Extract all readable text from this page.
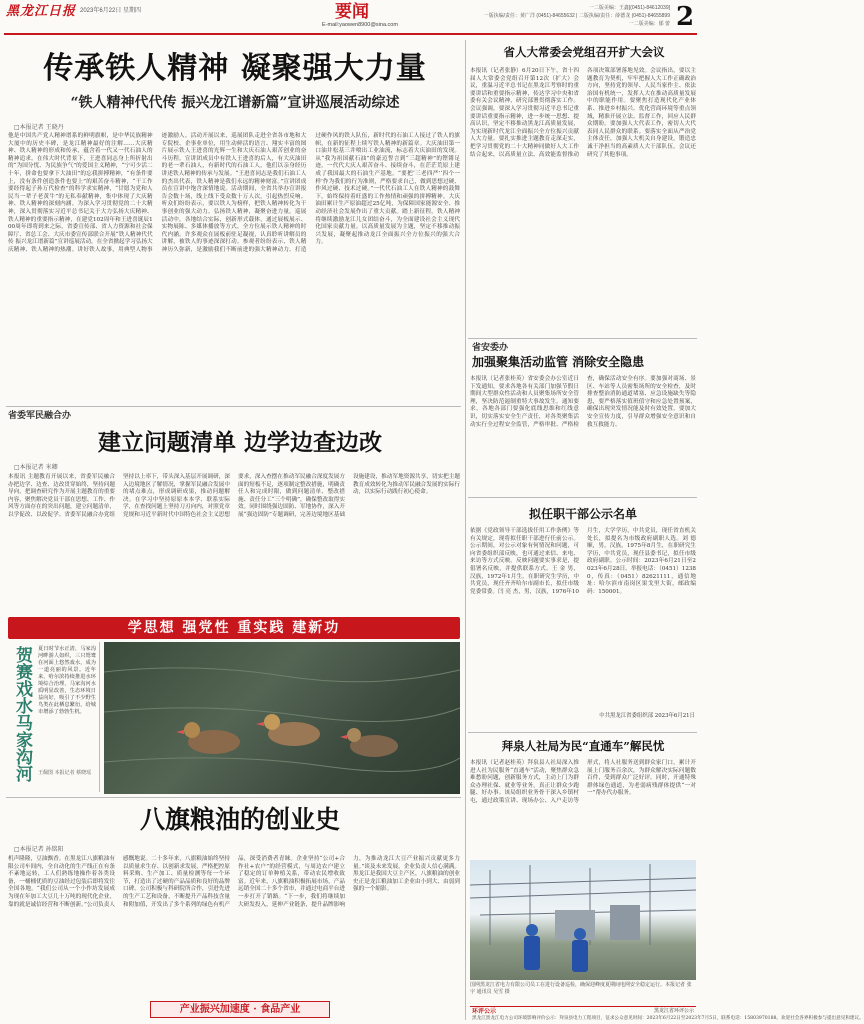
黑龙江日报 2023年6月22日 星期四	要闻
E-mail:yaowen8900@sina.com
一二版美编：王鑫[(0451)-84612039]
一版执编/责任：黄广洋 (0451)-84655632 | 二版执编/责任：薛德龙 (0451)-84655899
一二版美编：郁 蕾 2
传承铁人精神 凝聚强大力量
“铁人精神代代传 振兴龙江谱新篇”宣讲巡展活动综述
□本报记者 王晓丹
他是中国共产党人精神谱系的鲜明旗帜，是中华民族精神大厦中的历史丰碑，是龙江精神最好的注解……大庆精神、铁人精神的形成和传承，蕴含着一代又一代石油人的精神追求。在伟大时代背景下，王进喜同志身上所折射出的“为国分忧、为民族争气”的爱国主义精神，“宁可少活二十年，拼命也要拿下大油田”的忘我拼搏精神，“有条件要上，没有条件创造条件也要上”的艰苦奋斗精神，“干工作要经得起子孙万代检查”的科学求实精神，“甘愿为党和人民当一辈子老黄牛”的无私奉献精神，集中体现了大庆精神、铁人精神的深刻内涵。为深入学习贯彻党的二十大精神，深入贯彻落实习近平总书记关于大力弘扬大庆精神、铁人精神的重要指示精神，在建党102周年和王进喜诞辰100周年即将到来之际，省委宣传部、省人力资源和社会保障厅、省总工会、大庆市委宣传部联合开展“铁人精神代代传 振兴龙江谱新篇”宣讲巡展活动，在全省掀起学习弘扬大庆精神、铁人精神的热潮。讲好铁人故事，用典型人物事迹激励人。活动开展以来，巡展团队走进全省各市地和大专院校、企事业单位，用生动鲜活的语言、翔实丰富的图片展示铁人王进喜的光辉一生和大庆石油人艰苦创业的奋斗历程。宣讲团成员中有铁人王进喜的后人，有大庆油田的老一辈石油人，有新时代的石油工人，他们以亲身经历讲述铁人精神的传承与发展。“王进喜同志是我们石油工人的杰出代表，铁人精神是我们永远的精神财富。”宣讲团成员在宣讲中饱含深情地说。活动期间，全省共举办宣讲报告会数十场，线上线下受众数十万人次，引起热烈反响。听众们纷纷表示，要以铁人为榜样，把铁人精神转化为干事创业的强大动力。弘扬铁人精神，凝聚奋进力量。巡展活动中，各地结合实际，创新形式载体，通过展板展示、实物展陈、多媒体播放等方式，全方位展示铁人精神的时代内涵。许多观众在展板前驻足凝视，认真聆听讲解员的讲解，被铁人的事迹深深打动。参观者纷纷表示，铁人精神历久弥新，是激励我们不断前进的强大精神动力。打造过硬作风的铁人队伍，新时代的石油工人接过了铁人的旗帜，在新的征程上续写铁人精神的新篇章。大庆油田第一口油井松基三井喷出工业油流，标志着大庆油田的发现。从“我为祖国献石油”的豪迈誓言到“三超精神”的铿锵足迹，一代代大庆人艰苦奋斗、接续奋斗，在茫茫荒原上建成了我国最大的石油生产基地。“要把‘三老四严’‘四个一样’作为我们的行为准则，严格要求自己，做到思想过硬、作风过硬、技术过硬。”一代代石油工人在铁人精神的鼓舞下，始终保持着旺盛的工作热情和顽强的拼搏精神。大庆油田累计生产原油超过25亿吨，为保障国家能源安全、推动经济社会发展作出了重大贡献。踏上新征程，铁人精神将继续激励龙江儿女团结奋斗，为全面建设社会主义现代化国家贡献力量。以高质量发展为主题，坚定不移推动振兴发展，凝聚起推动龙江全面振兴全方位振兴的强大合力。
省人大常委会党组召开扩大会议
本报讯（记者张静）6月20日下午，省十四届人大常委会党组召开第12次（扩大）会议，重温习近平总书记在黑龙江考察时的重要讲话和重要指示精神，传达学习中央和省委有关会议精神，研究部署贯彻落实工作。会议强调，要深入学习贯彻习近平总书记重要讲话重要指示精神，进一步统一思想、提高认识，坚定不移推动黑龙江高质量发展，为实现新时代龙江全面振兴全方位振兴贡献人大力量。要扎实推进主题教育走深走实，把学习贯彻党的二十大精神同做好人大工作结合起来，以高质量立法、高效能监督推动各项决策部署落地见效。会议指出，要以主题教育为契机，牢牢把握人大工作正确政治方向，坚持党的领导、人民当家作主、依法治国有机统一，发挥人大在推动高质量发展中的职能作用。要聚焦打造现代化产业体系、推进乡村振兴、优化营商环境等重点领域，精准开展立法、监督工作，回应人民群众期盼。要加强人大代表工作，密切人大代表同人民群众的联系。要落实全面从严治党主体责任，加强人大机关自身建设，锻造忠诚干净担当的高素质人大干部队伍。会议还研究了其他事项。
省安委办
加强聚集活动监管 消除安全隐患
本报讯（记者张桂英）省安委会办公室近日下发通知，要求各地各有关部门加强节假日期间大型群众性活动和人员聚集场所安全管理，坚决防范遏制重特大事故发生。通知要求，各地各部门要强化底线思维和红线意识，切实落实安全生产责任，对各类聚集活动实行全过程安全监管，严格审批、严格检查，确保活动安全有序。要加强对商场、景区、车站等人员密集场所的安全检查，及时排查整治消防通道堵塞、应急设施缺失等隐患，要严格落实值班值守和应急处置预案，确保出现突发情况能及时有效处置。要加大安全宣传力度，引导群众增强安全意识和自救互救能力。
拟任职干部公示名单
依据《党政领导干部选拔任用工作条例》等有关规定，现将拟任职干部进行任前公示。公示期间，对公示对象有何情况和问题，可向省委组织部反映，也可通过来信、来电、来访等方式反映。反映问题要实事求是，提倡署名反映，并提供联系方式。王 金 男，汉族，1972年1月生，在职研究生学历，中共党员，现任齐齐哈尔市副市长，拟任市级党委常委。闫 亮 杰，男，汉族，1976年10月生，大学学历，中共党员，现任省直机关处长，拟提名为市级政府副职人选。刘 德 顺，男，汉族，1975年8月生，在职研究生学历，中共党员，现任县委书记，拟任市级政府副职。公示时间：2023年6月21日至2023年6月28日。举报电话：（0451）12380，传真：（0451）82621111，通信地址：哈尔滨市南岗区果戈里大街，邮政编码：150001。
中共黑龙江省委组织部 2023年6月21日
拜泉人社局为民“直通车”解民忧
本报讯（记者赵桂英）拜泉县人社局深入推进人社为民服务“直通车”活动，聚焦群众急难愁盼问题，创新服务方式，主动上门为群众办理社保、就业等业务，真正让群众少跑腿、好办事。该局组织业务骨干深入乡镇村屯，通过政策宣讲、现场办公、入户走访等形式，将人社服务送到群众家门口，累计开展上门服务百余次，为群众解决实际问题数百件，受到群众广泛好评。同时，开通特殊群体绿色通道，为老弱病残群体提供“一对一”帮办代办服务。
国网黑龙江省电力有限公司员工在进行设备巡检，确保迎峰度夏期间电网安全稳定运行。本报记者 张宇 通讯员 吴雪 摄
省委军民融合办
建立问题清单 边学边查边改
□本报记者 米卿
本报讯 主题教育开展以来，省委军民融合办把边学、边查、边改贯穿始终，坚持问题导向，把调查研究作为开展主题教育的重要内容，聚焦解决党员干部在思想、工作、作风等方面存在的突出问题，建立问题清单，以学促改、以改促学。省委军民融合办党组坚持以上率下，带头深入基层开展调研，深入边境地区了解情况，掌握军民融合发展中的堵点难点，形成调研成果，推动问题解决。在学习中坚持原原本本学、联系实际学，在查找问题上坚持刀刃向内，对照党章党规和习近平新时代中国特色社会主义思想要求，深入查摆在推动军民融合深度发展方面的短板不足，逐项制定整改措施，明确责任人和完成时限，做到问题清单、整改措施、责任分工“三个明确”，确保整改取得实效。同时围绕强边固防、军地协作，深入开展“强边固防”专题调研，完善边境地区基础设施建设，推动军地资源共享，切实把主题教育成效转化为推动军民融合发展的实际行动，以实际行动践行初心使命。
学思想 强党性 重实践 建新功
贺赛戏水马家沟河	夏日时节水正清，马家沟河畔游人如织，三只鸳鸯在河面上悠然戏水，成为一道亮丽的风景。近年来，哈尔滨持续推进水环境综合治理，马家沟河水质明显改善，生态环境日益向好，吸引了不少野生鸟类在此栖息繁衍，给城市增添了勃勃生机。
王佩图 本报记者 蔡晓瑶
八旗粮油的创业史
□本报记者 孙铭阳
机声隆隆，豆油飘香。在黑龙江八旗粮油有限公司车间内，全自动化的生产线正在有条不紊地运转，工人们熟练地操作着各类设备，一桶桶优质的豆油经过包装后即将发往全国各地。“我们公司从一个小作坊发展成为现在年加工大豆几十万吨的现代化企业，靠的就是诚信经营和不断创新。”公司负责人感慨地说。二十多年来，八旗粮油始终坚持以质量求生存、以创新求发展，严格把控原料采购、生产加工、质量检测等每一个环节，打造出了过硬的产品品质和良好的品牌口碑。公司积极与科研院所合作，引进先进的生产工艺和设备，不断提升产品科技含量和附加值，开发出了多个系列的绿色有机产品，深受消费者青睐。企业坚持“公司+合作社+农户”的经营模式，与周边农户建立了稳定的订单种植关系，带动农民增收致富。近年来，八旗粮油积极拓展市场，产品远销全国二十多个省市，并通过电商平台进一步打开了销路。“下一步，我们将继续加大研发投入，延伸产业链条，提升品牌影响力，为推动龙江大豆产业振兴贡献更多力量。”谈及未来发展，企业负责人信心满满。黑龙江是我国大豆主产区，八旗粮油的创业史正是龙江粮油加工企业由小到大、由弱到强的一个缩影。
产业振兴加速度 · 食品产业	环评公示	黑龙江省环评公示
黑龙江黑龙江电力公司环境影响评价公示：拜泉县电力工程项目，征求公众意见时间：2023年6月22日至2023年7月5日，联系电话：15803970188。欢迎社会各界积极参与提出意见和建议。
